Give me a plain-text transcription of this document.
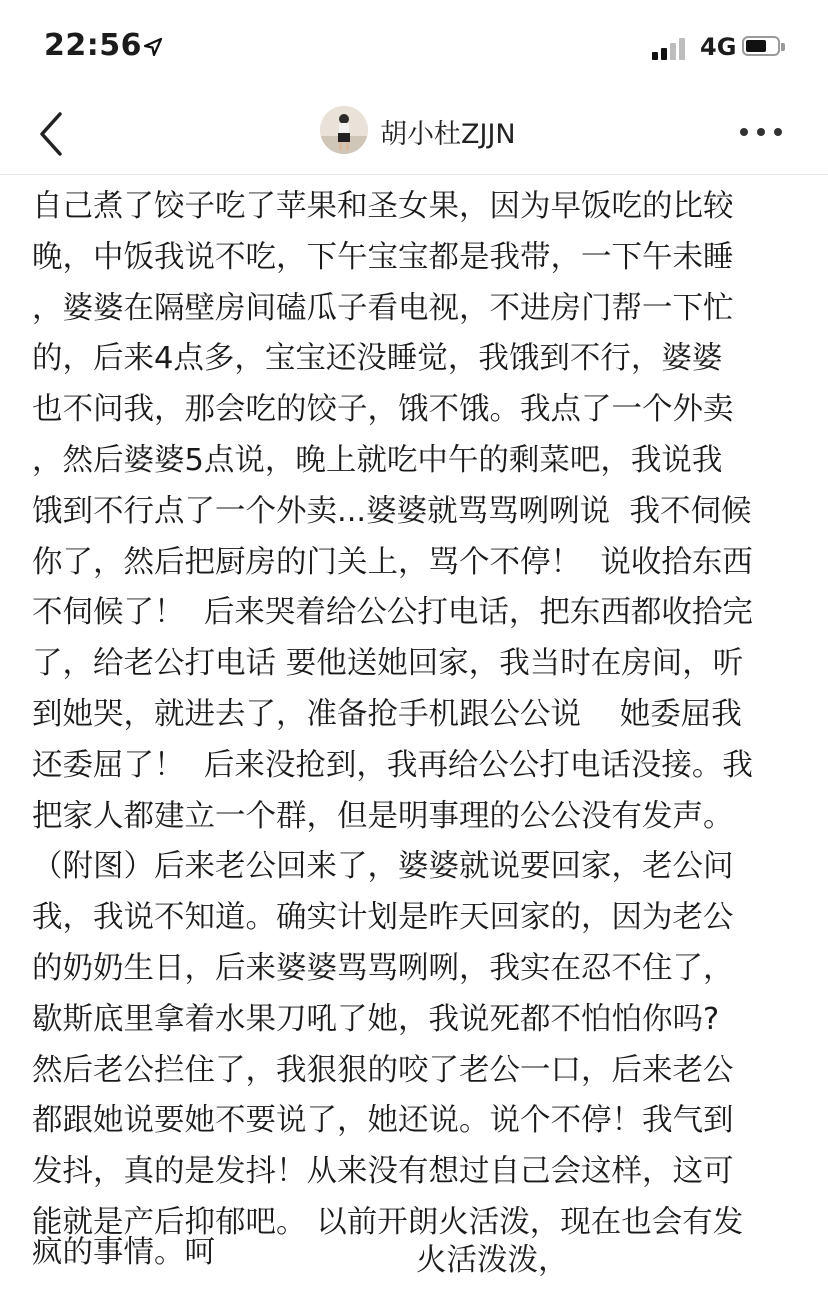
22:56	4G
胡小杜ZJJN
自己煮了饺子吃了苹果和圣女果，因为早饭吃的比较
晚，中饭我说不吃，下午宝宝都是我带，一下午未睡
，婆婆在隔壁房间磕瓜子看电视，不进房门帮一下忙
的，后来4点多，宝宝还没睡觉，我饿到不行，婆婆
也不问我，那会吃的饺子，饿不饿。我点了一个外卖
，然后婆婆5点说，晚上就吃中午的剩菜吧，我说我
饿到不行点了一个外卖...婆婆就骂骂咧咧说  我不伺候
你了，然后把厨房的门关上，骂个不停！  说收拾东西
不伺候了！  后来哭着给公公打电话，把东西都收拾完
了，给老公打电话 要他送她回家，我当时在房间，听
到她哭，就进去了，准备抢手机跟公公说    她委屈我
还委屈了！  后来没抢到，我再给公公打电话没接。我
把家人都建立一个群，但是明事理的公公没有发声。
（附图）后来老公回来了，婆婆就说要回家，老公问
我，我说不知道。确实计划是昨天回家的，因为老公
的奶奶生日，后来婆婆骂骂咧咧，我实在忍不住了，
歇斯底里拿着水果刀吼了她，我说死都不怕怕你吗?
然后老公拦住了，我狠狠的咬了老公一口，后来老公
都跟她说要她不要说了，她还说。说个不停！我气到
发抖，真的是发抖！从来没有想过自己会这样，这可
能就是产后抑郁吧。 以前开朗火活泼，现在也会有发
疯的事情。呵	火活泼泼，
